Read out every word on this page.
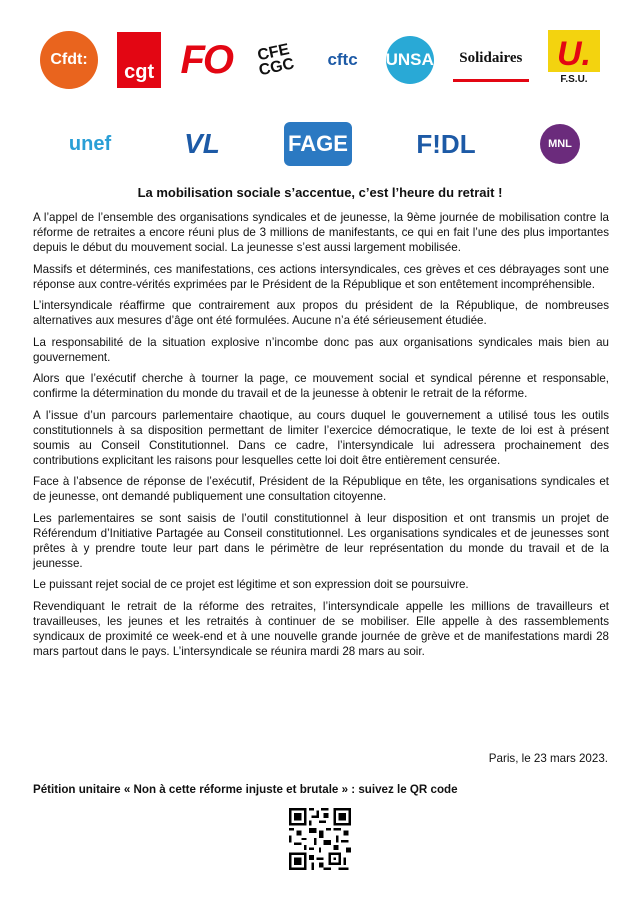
Cfdt:
cgt FO	CFE CGC	cftc UNSA Solidaires U.
F.S.U.
unef	VL	FAGE	F!DL	MNL
La mobilisation sociale s’accentue, c’est l’heure du retrait !

A l’appel de l’ensemble des organisations syndicales et de jeunesse, la 9ème journée de mobilisation contre la réforme de retraites a encore réuni plus de 3 millions de manifestants, ce qui en fait l’une des plus importantes depuis le début du mouvement social. La jeunesse s’est aussi largement mobilisée.

Massifs et déterminés, ces manifestations, ces actions intersyndicales, ces grèves et ces débrayages sont une réponse aux contre-vérités exprimées par le Président de la République et son entêtement incompréhensible.

L’intersyndicale réaffirme que contrairement aux propos du président de la République, de nombreuses alternatives aux mesures d’âge ont été formulées. Aucune n’a été sérieusement étudiée.

La responsabilité de la situation explosive n’incombe donc pas aux organisations syndicales mais bien au gouvernement.

Alors que l’exécutif cherche à tourner la page, ce mouvement social et syndical pérenne et responsable, confirme la détermination du monde du travail et de la jeunesse à obtenir le retrait de la réforme.

A l’issue d’un parcours parlementaire chaotique, au cours duquel le gouvernement a utilisé tous les outils constitutionnels à sa disposition permettant de limiter l’exercice démocratique, le texte de loi est à présent soumis au Conseil Constitutionnel. Dans ce cadre, l’intersyndicale lui adressera prochainement des contributions explicitant les raisons pour lesquelles cette loi doit être entièrement censurée.

Face à l’absence de réponse de l’exécutif, Président de la République en tête, les organisations syndicales et de jeunesse, ont demandé publiquement une consultation citoyenne.

Les parlementaires se sont saisis de l’outil constitutionnel à leur disposition et ont transmis un projet de Référendum d’Initiative Partagée au Conseil constitutionnel. Les organisations syndicales et de jeunesses sont prêtes à y prendre toute leur part dans le périmètre de leur représentation du monde du travail et de la jeunesse.

Le puissant rejet social de ce projet est légitime et son expression doit se poursuivre.

Revendiquant le retrait de la réforme des retraites, l’intersyndicale appelle les millions de travailleurs et travailleuses, les jeunes et les retraités à continuer de se mobiliser. Elle appelle à des rassemblements syndicaux de proximité ce week-end et à une nouvelle grande journée de grève et de manifestations mardi 28 mars partout dans le pays. L’intersyndicale se réunira mardi 28 mars au soir.

Paris, le 23 mars 2023.

Pétition unitaire « Non à cette réforme injuste et brutale » : suivez le QR code
